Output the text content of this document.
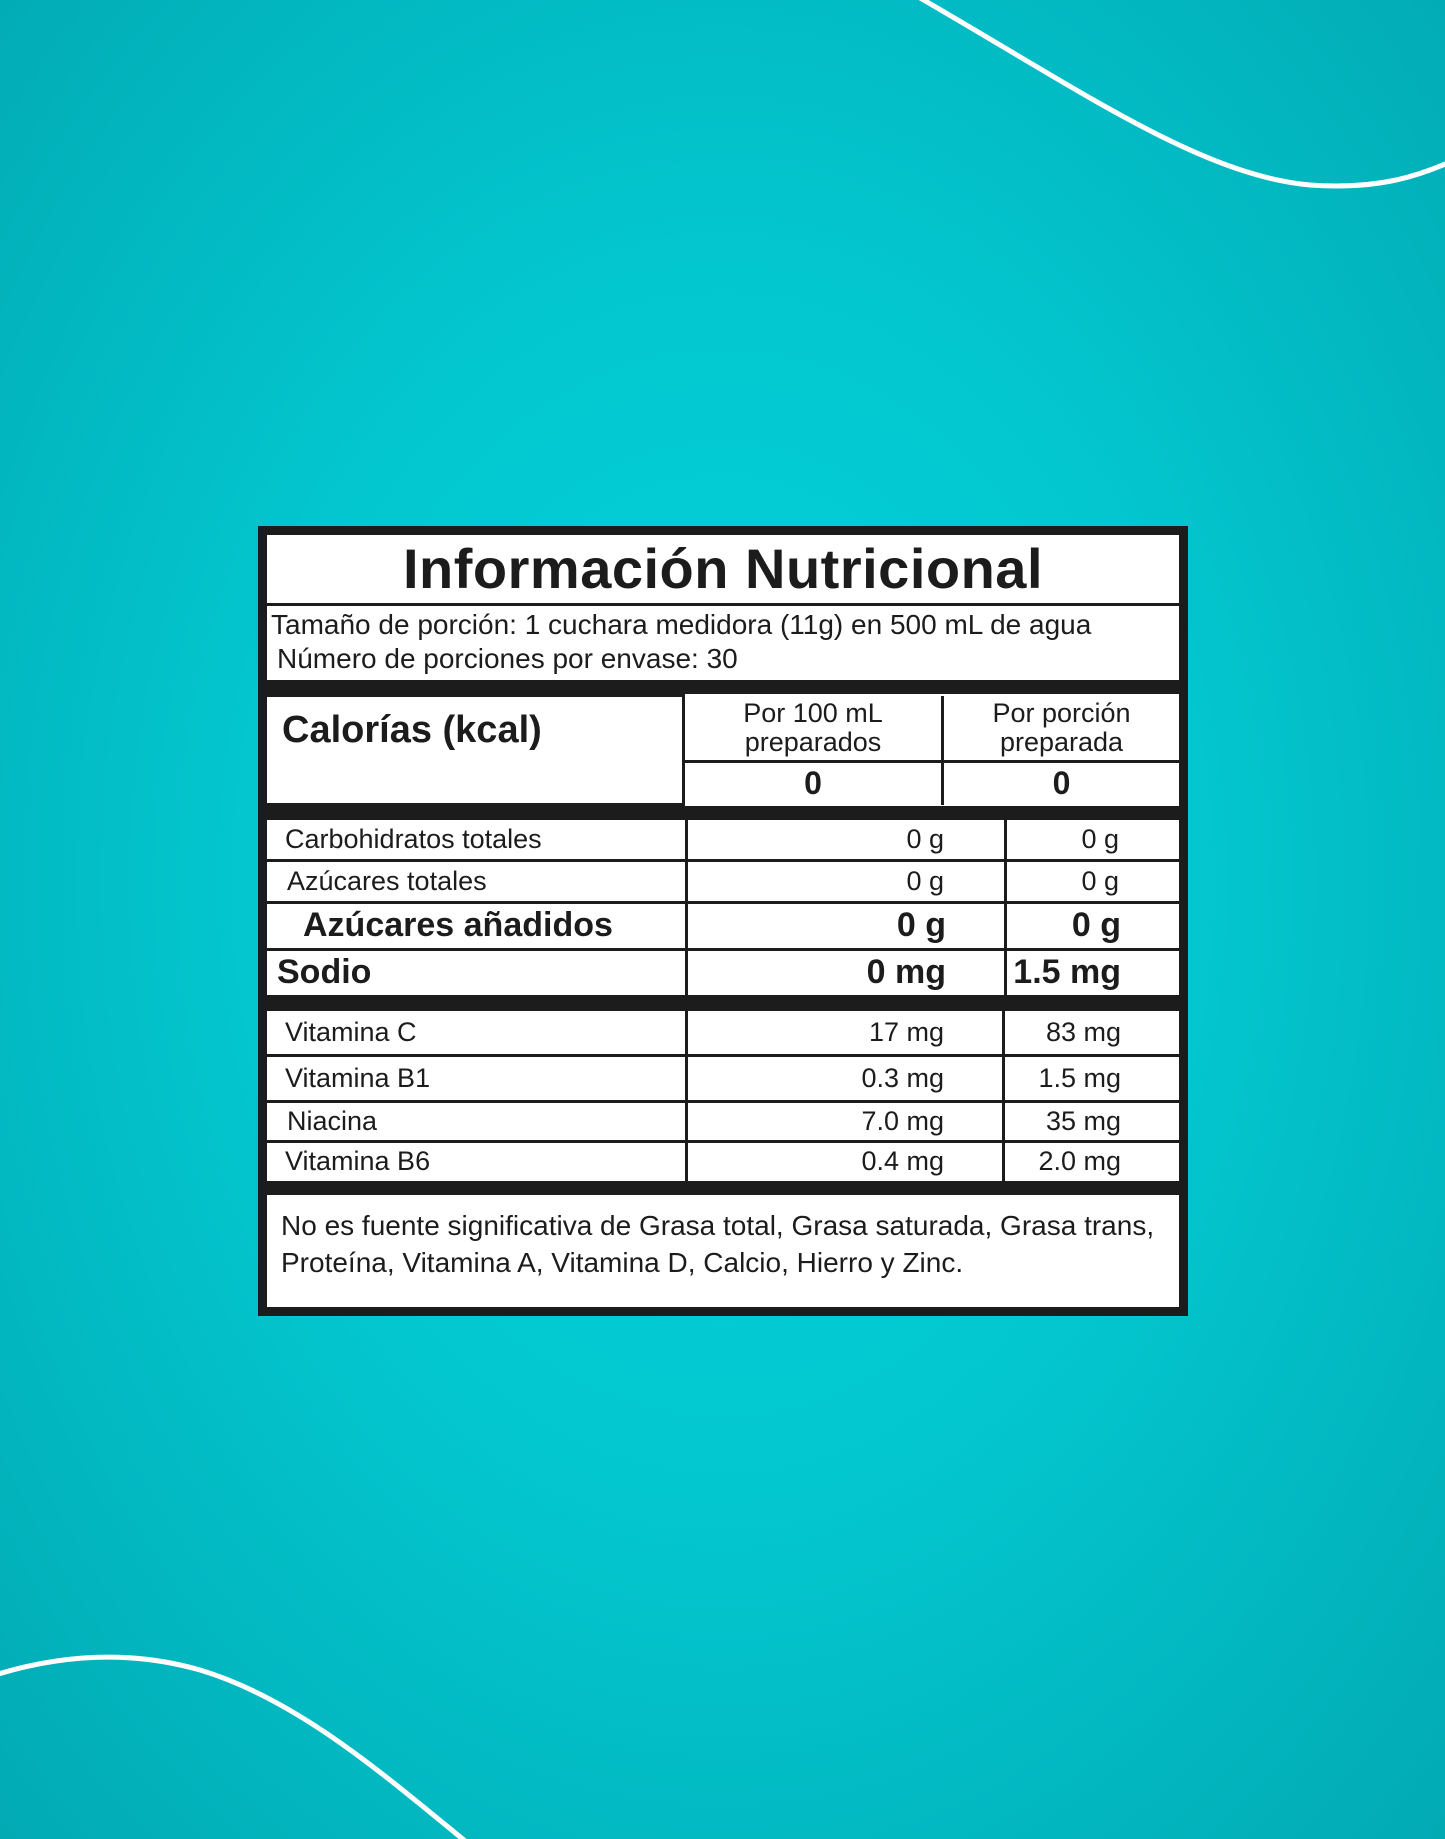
Información Nutricional
Tamaño de porción: 1 cuchara medidora (11g) en 500 mL de agua
Número de porciones por envase: 30
Calorías (kcal)	Por 100 mL preparados	Por porción preparada
	0	0
Carbohidratos totales	0 g	0 g
Azúcares totales	0 g	0 g
Azúcares añadidos	0 g	0 g
Sodio	0 mg	1.5 mg
Vitamina C	17 mg	83 mg
Vitamina B1	0.3 mg	1.5 mg
Niacina	7.0 mg	35 mg
Vitamina B6	0.4 mg	2.0 mg
No es fuente significativa de Grasa total, Grasa saturada, Grasa trans, Proteína, Vitamina A, Vitamina D, Calcio, Hierro y Zinc.
